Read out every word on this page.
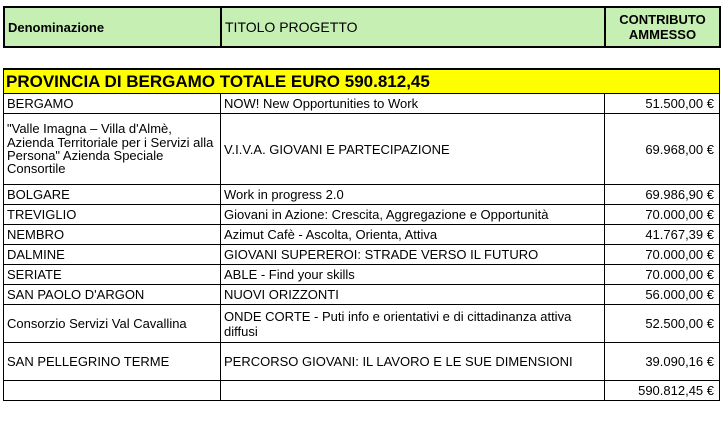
Denominazione	TITOLO PROGETTO	CONTRIBUTO AMMESSO
PROVINCIA DI BERGAMO TOTALE EURO 590.812,45		
BERGAMO	NOW! New Opportunities to Work	51.500,00 €
"Valle Imagna – Villa d'Almè, Azienda Territoriale per i Servizi alla Persona" Azienda Speciale Consortile	V.I.V.A. GIOVANI E PARTECIPAZIONE	69.968,00 €
BOLGARE	Work in progress 2.0	69.986,90 €
TREVIGLIO	Giovani in Azione: Crescita, Aggregazione e Opportunità	70.000,00 €
NEMBRO	Azimut Cafè - Ascolta, Orienta, Attiva	41.767,39 €
DALMINE	GIOVANI SUPEREROI: STRADE VERSO IL FUTURO	70.000,00 €
SERIATE	ABLE - Find your skills	70.000,00 €
SAN PAOLO D'ARGON	NUOVI ORIZZONTI	56.000,00 €
Consorzio Servizi Val Cavallina	ONDE CORTE - Puti info e orientativi e di cittadinanza attiva diffusi	52.500,00 €
SAN PELLEGRINO TERME	PERCORSO GIOVANI: IL LAVORO E LE SUE DIMENSIONI	39.090,16 €
		590.812,45 €
